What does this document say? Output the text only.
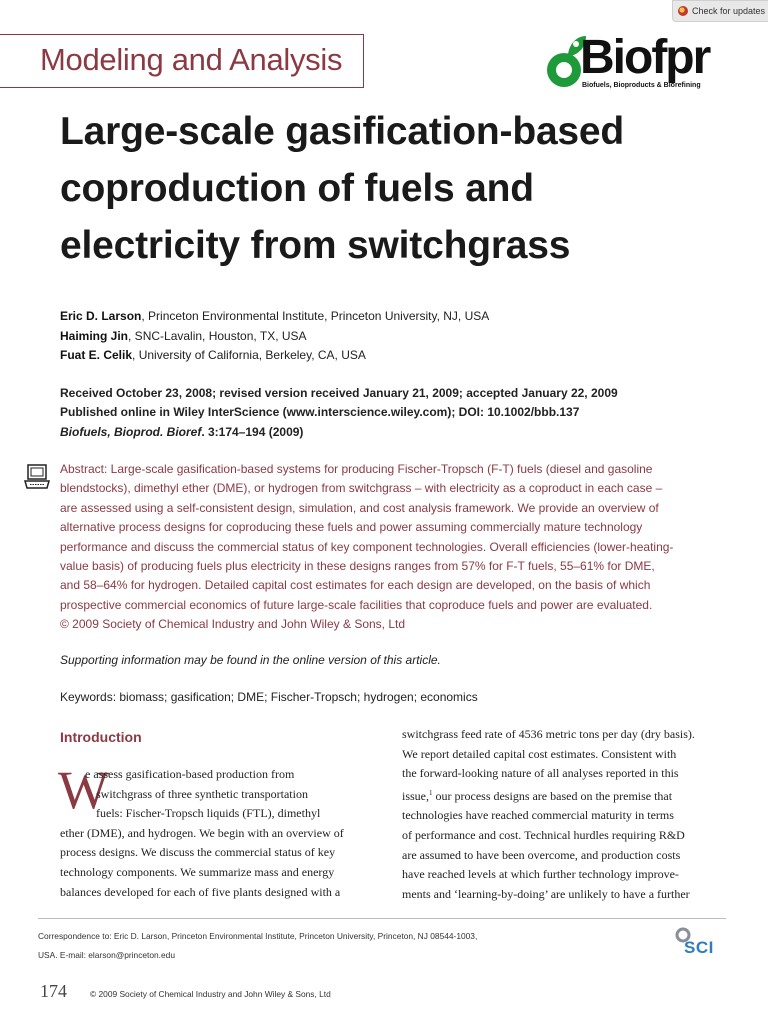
Check for updates
Modeling and Analysis	Biofpr
Biofuels, Bioproducts & Biorefining
Large-scale gasification-based
coproduction of fuels and
electricity from switchgrass
Eric D. Larson, Princeton Environmental Institute, Princeton University, NJ, USA
Haiming Jin, SNC-Lavalin, Houston, TX, USA
Fuat E. Celik, University of California, Berkeley, CA, USA
Received October 23, 2008; revised version received January 21, 2009; accepted January 22, 2009
Published online in Wiley InterScience (www.interscience.wiley.com); DOI: 10.1002/bbb.137
Biofuels, Bioprod. Bioref. 3:174–194 (2009)
Abstract: Large-scale gasification-based systems for producing Fischer-Tropsch (F-T) fuels (diesel and gasoline
blendstocks), dimethyl ether (DME), or hydrogen from switchgrass – with electricity as a coproduct in each case –
are assessed using a self-consistent design, simulation, and cost analysis framework. We provide an overview of
alternative process designs for coproducing these fuels and power assuming commercially mature technology
performance and discuss the commercial status of key component technologies. Overall efficiencies (lower-heating-
value basis) of producing fuels plus electricity in these designs ranges from 57% for F-T fuels, 55–61% for DME,
and 58–64% for hydrogen. Detailed capital cost estimates for each design are developed, on the basis of which
prospective commercial economics of future large-scale facilities that coproduce fuels and power are evaluated.
© 2009 Society of Chemical Industry and John Wiley & Sons, Ltd
Supporting information may be found in the online version of this article.
Keywords: biomass; gasification; DME; Fischer-Tropsch; hydrogen; economics
Introduction
W
e assess gasification-based production from
switchgrass of three synthetic transportation
fuels: Fischer-Tropsch liquids (FTL), dimethyl
ether (DME), and hydrogen. We begin with an overview of
process designs. We discuss the commercial status of key
technology components. We summarize mass and energy
balances developed for each of five plants designed with a
switchgrass feed rate of 4536 metric tons per day (dry basis).
We report detailed capital cost estimates. Consistent with
the forward-looking nature of all analyses reported in this
issue,$^1$ our process designs are based on the premise that
technologies have reached commercial maturity in terms
of performance and cost. Technical hurdles requiring R&D
are assumed to have been overcome, and production costs
have reached levels at which further technology improve-
ments and ‘learning-by-doing’ are unlikely to have a further
Correspondence to: Eric D. Larson, Princeton Environmental Institute, Princeton University, Princeton, NJ 08544-1003,
USA. E-mail: elarson@princeton.edu	SCI
174	© 2009 Society of Chemical Industry and John Wiley & Sons, Ltd
